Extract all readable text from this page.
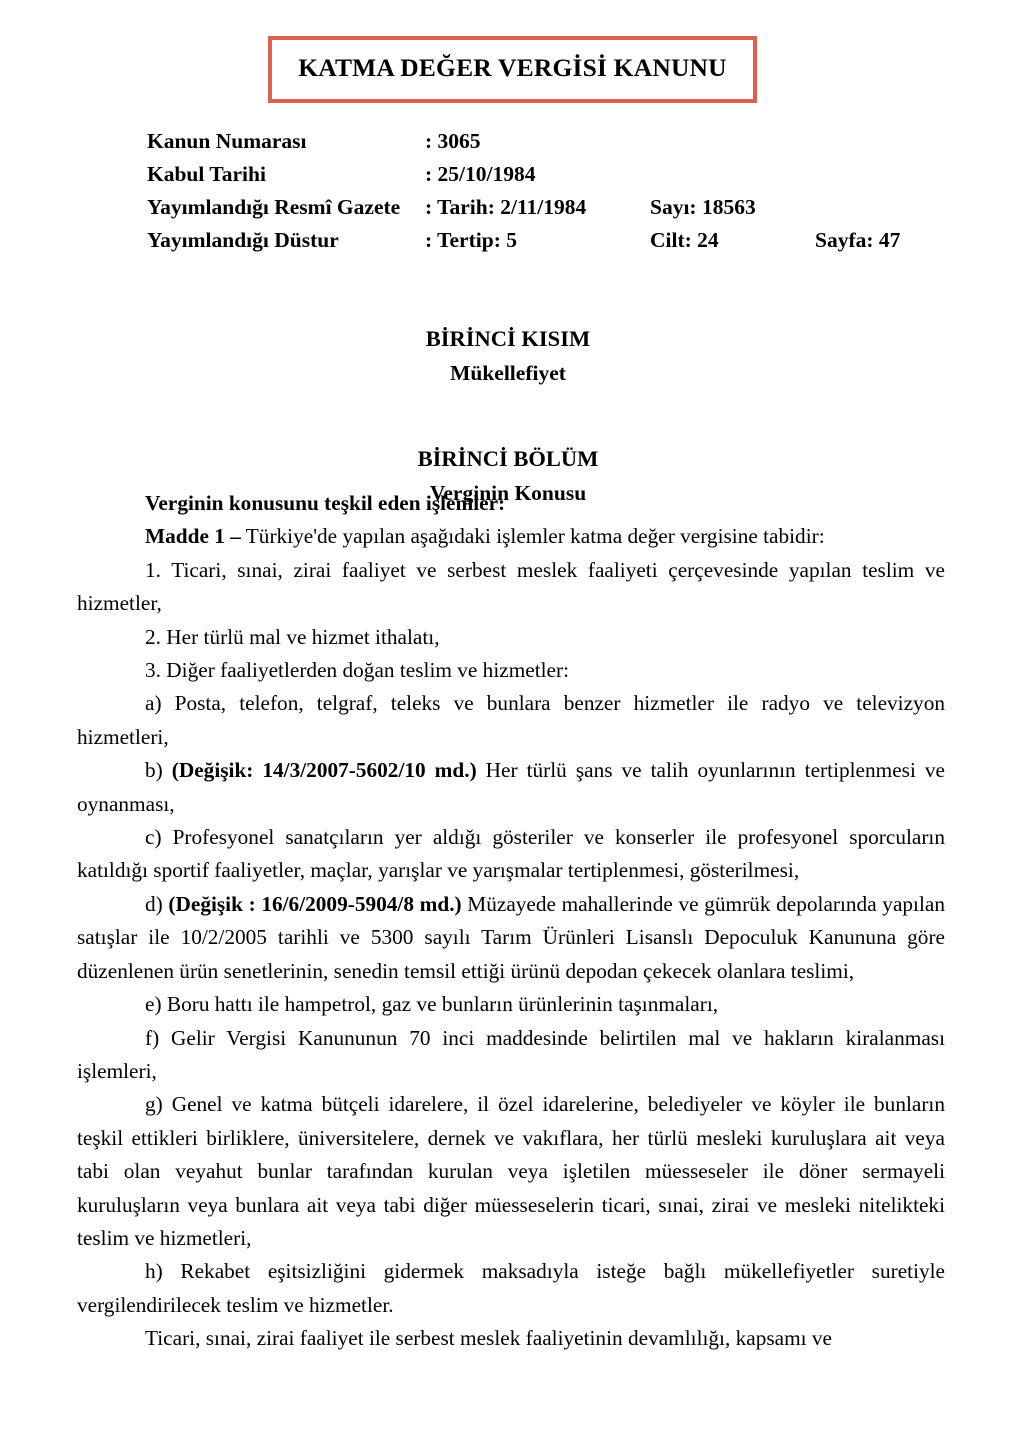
KATMA DEĞER VERGİSİ KANUNU
Kanun Numarası	: 3065
Kabul Tarihi	: 25/10/1984
Yayımlandığı Resmî Gazete : Tarih: 2/11/1984	Sayı: 18563
Yayımlandığı Düstur	: Tertip: 5	Cilt: 24	Sayfa: 47
BİRİNCİ KISIM
Mükellefiyet
BİRİNCİ BÖLÜM
Verginin Konusu

Verginin konusunu teşkil eden işlemler:

Madde 1 – Türkiye'de yapılan aşağıdaki işlemler katma değer vergisine tabidir:

1. Ticari, sınai, zirai faaliyet ve serbest meslek faaliyeti çerçevesinde yapılan teslim ve hizmetler,

2. Her türlü mal ve hizmet ithalatı,

3. Diğer faaliyetlerden doğan teslim ve hizmetler:

a) Posta, telefon, telgraf, teleks ve bunlara benzer hizmetler ile radyo ve televizyon hizmetleri,

b) (Değişik: 14/3/2007-5602/10 md.) Her türlü şans ve talih oyunlarının tertiplenmesi ve oynanması,

c) Profesyonel sanatçıların yer aldığı gösteriler ve konserler ile profesyonel sporcuların katıldığı sportif faaliyetler, maçlar, yarışlar ve yarışmalar tertiplenmesi, gösterilmesi,

d) (Değişik : 16/6/2009-5904/8 md.) Müzayede mahallerinde ve gümrük depolarında yapılan satışlar ile 10/2/2005 tarihli ve 5300 sayılı Tarım Ürünleri Lisanslı Depoculuk Kanununa göre düzenlenen ürün senetlerinin, senedin temsil ettiği ürünü depodan çekecek olanlara teslimi,

e) Boru hattı ile hampetrol, gaz ve bunların ürünlerinin taşınmaları,

f) Gelir Vergisi Kanununun 70 inci maddesinde belirtilen mal ve hakların kiralanması işlemleri,

g) Genel ve katma bütçeli idarelere, il özel idarelerine, belediyeler ve köyler ile bunların teşkil ettikleri birliklere, üniversitelere, dernek ve vakıflara, her türlü mesleki kuruluşlara ait veya tabi olan veyahut bunlar tarafından kurulan veya işletilen müesseseler ile döner sermayeli kuruluşların veya bunlara ait veya tabi diğer müesseselerin ticari, sınai, zirai ve mesleki nitelikteki teslim ve hizmetleri,

h) Rekabet eşitsizliğini gidermek maksadıyla isteğe bağlı mükellefiyetler suretiyle vergilendirilecek teslim ve hizmetler.

Ticari, sınai, zirai faaliyet ile serbest meslek faaliyetinin devamlılığı, kapsamı ve
